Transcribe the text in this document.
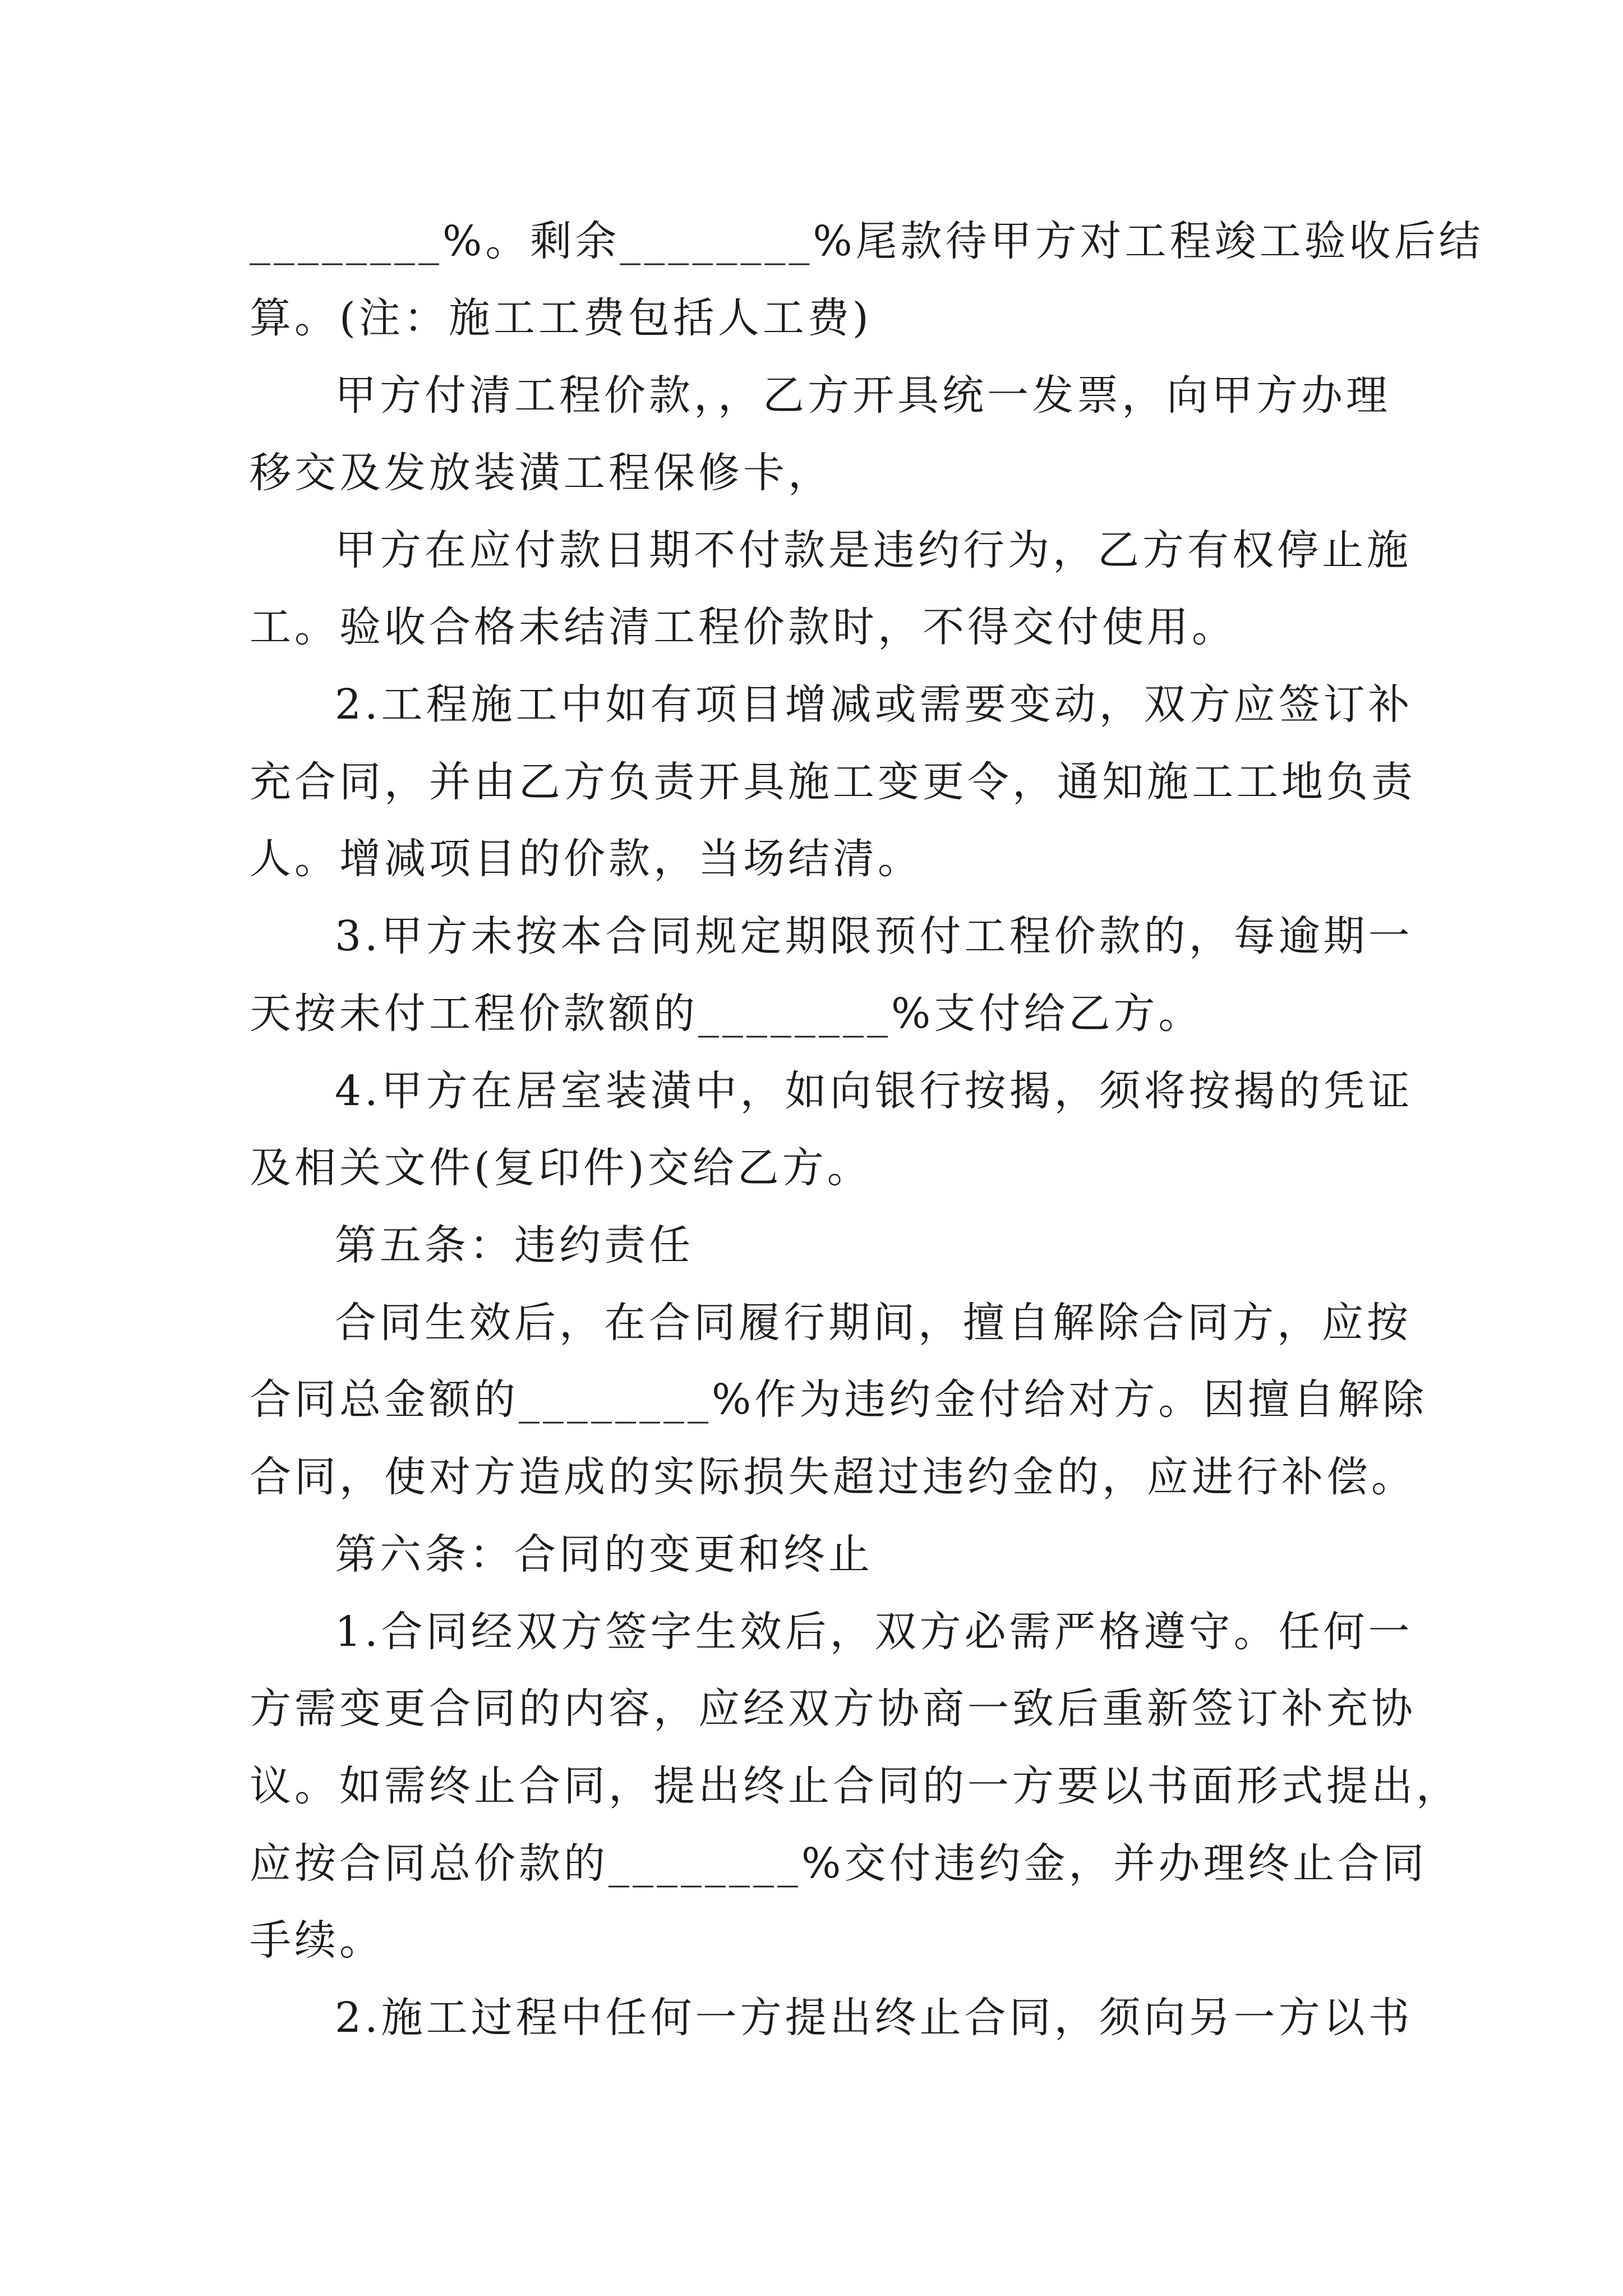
________%。剩余________%尾款待甲方对工程竣工验收后结
算。(注：施工工费包括人工费)
甲方付清工程价款，，乙方开具统一发票，向甲方办理
移交及发放装潢工程保修卡，
甲方在应付款日期不付款是违约行为，乙方有权停止施
工。验收合格未结清工程价款时，不得交付使用。
2.工程施工中如有项目增减或需要变动，双方应签订补
充合同，并由乙方负责开具施工变更令，通知施工工地负责
人。增减项目的价款，当场结清。
3.甲方未按本合同规定期限预付工程价款的，每逾期一
天按未付工程价款额的________%支付给乙方。
4.甲方在居室装潢中，如向银行按揭，须将按揭的凭证
及相关文件(复印件)交给乙方。
第五条：违约责任
合同生效后，在合同履行期间，擅自解除合同方，应按
合同总金额的________%作为违约金付给对方。因擅自解除
合同，使对方造成的实际损失超过违约金的，应进行补偿。
第六条：合同的变更和终止
1.合同经双方签字生效后，双方必需严格遵守。任何一
方需变更合同的内容，应经双方协商一致后重新签订补充协
议。如需终止合同，提出终止合同的一方要以书面形式提出，
应按合同总价款的________%交付违约金，并办理终止合同
手续。
2.施工过程中任何一方提出终止合同，须向另一方以书
